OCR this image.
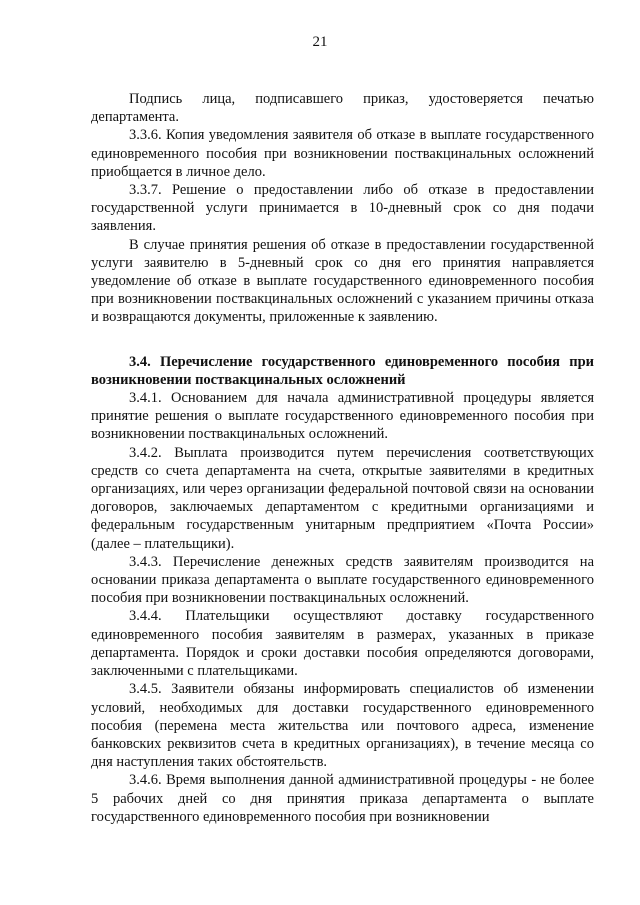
21

Подпись лица, подписавшего приказ, удостоверяется печатью департамента.

3.3.6. Копия уведомления заявителя об отказе в выплате государственного единовременного пособия при возникновении поствакцинальных осложнений приобщается в личное дело.

3.3.7. Решение о предоставлении либо об отказе в предоставлении государственной услуги принимается в 10-дневный срок со дня подачи заявления.

В случае принятия решения об отказе в предоставлении государственной услуги заявителю в 5-дневный срок со дня его принятия направляется уведомление об отказе в выплате государственного единовременного пособия при возникновении поствакцинальных осложнений с указанием причины отказа и возвращаются документы, приложенные к заявлению.

3.4. Перечисление государственного единовременного пособия при возникновении поствакцинальных осложнений

3.4.1. Основанием для начала административной процедуры является принятие решения о выплате государственного единовременного пособия при возникновении поствакцинальных осложнений.

3.4.2. Выплата производится путем перечисления соответствующих средств со счета департамента на счета, открытые заявителями в кредитных организациях, или через организации федеральной почтовой связи на основании договоров, заключаемых департаментом с кредитными организациями и федеральным государственным унитарным предприятием «Почта России» (далее – плательщики).

3.4.3. Перечисление денежных средств заявителям производится на основании приказа департамента о выплате государственного единовременного пособия при возникновении поствакцинальных осложнений.

3.4.4. Плательщики осуществляют доставку государственного единовременного пособия заявителям в размерах, указанных в приказе департамента. Порядок и сроки доставки пособия определяются договорами, заключенными с плательщиками.

3.4.5. Заявители обязаны информировать специалистов об изменении условий, необходимых для доставки государственного единовременного пособия (перемена места жительства или почтового адреса, изменение банковских реквизитов счета в кредитных организациях), в течение месяца со дня наступления таких обстоятельств.

3.4.6. Время выполнения данной административной процедуры - не более 5 рабочих дней со дня принятия приказа департамента о выплате государственного единовременного пособия при возникновении
